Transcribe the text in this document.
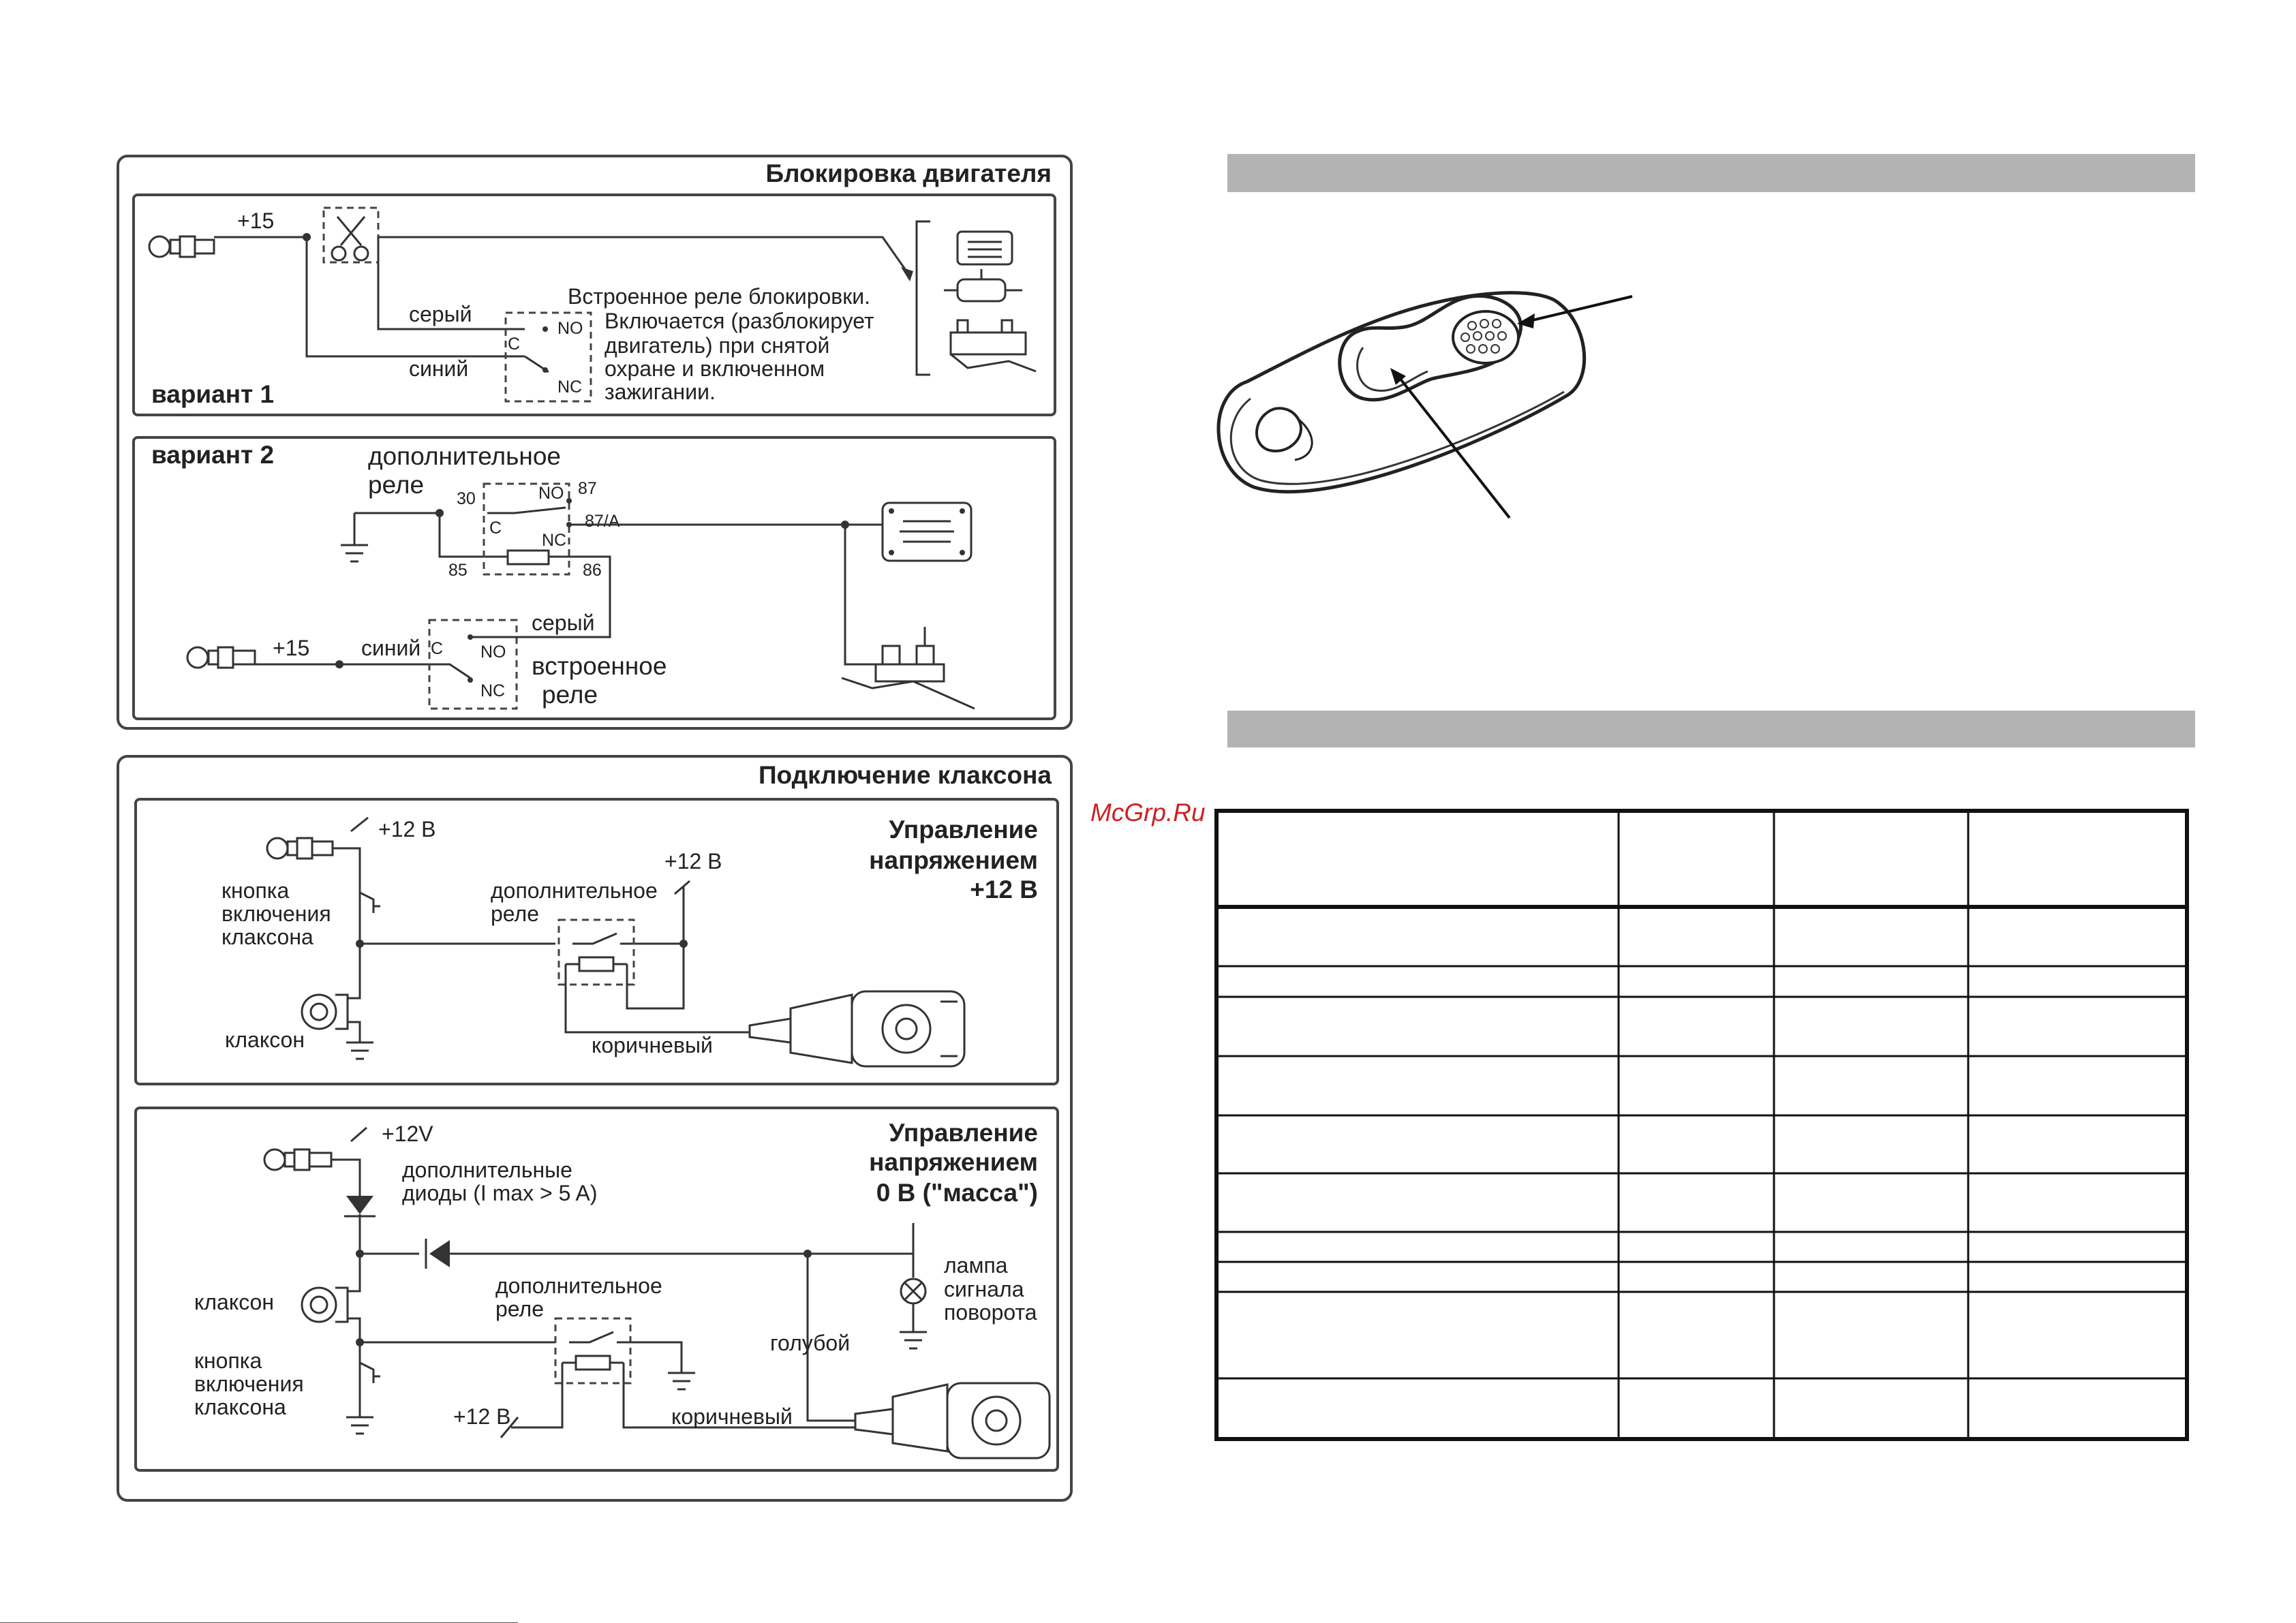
Блокировка двигателя
+15
серый
синий
NO
C
NC
Встроенное реле блокировки.
Включается (разблокирует
двигатель) при снятой
охране и включенном
зажигании.
вариант 1
вариант 2	дополнительное
реле 30	NO 87
C
NC
87/A
85	86
+15 синий C NO
NC
серый
встроенное
реле
Подключение клаксона
Управление
напряжением
+12 В
+12 В
кнопка
включения
клаксона
клаксон
дополнительное
реле
+12 В
коричневый
Управление
напряжением
0 В ("масса")
+12V
дополнительные
диоды (I max > 5 A)
лампа
сигнала
поворота
клаксон
кнопка
включения
клаксона
дополнительное
реле
+12 В	коричневый
голубой
McGrp.Ru
